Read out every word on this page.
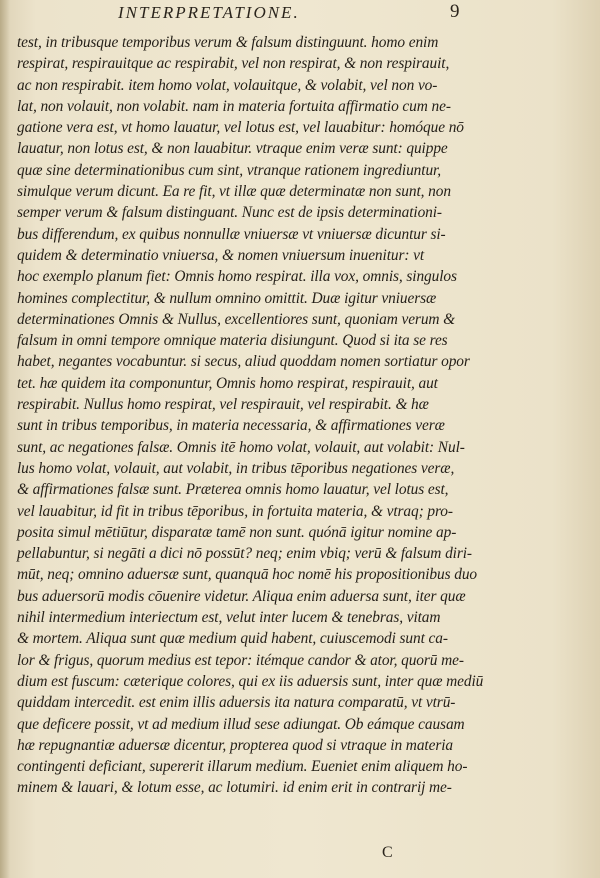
INTERPRETATIONE.	9
test, in tribusque temporibus verum & falsum distinguunt. homo enim
respirat, respirauitque ac respirabit, vel non respirat, & non respirauit,
ac non respirabit. item homo volat, volauitque, & volabit, vel non vo-
lat, non volauit, non volabit. nam in materia fortuita affirmatio cum ne-
gatione vera est, vt homo lauatur, vel lotus est, vel lauabitur: homóque nō
lauatur, non lotus est, & non lauabitur. vtraque enim veræ sunt: quippe
quæ sine determinationibus cum sint, vtranque rationem ingrediuntur,
simulque verum dicunt. Ea re fit, vt illæ quæ determinatæ non sunt, non
semper verum & falsum distinguant. Nunc est de ipsis determinationi-
bus differendum, ex quibus nonnullæ vniuersæ vt vniuersæ dicuntur si-
quidem & determinatio vniuersa, & nomen vniuersum inuenitur: vt
hoc exemplo planum fiet: Omnis homo respirat. illa vox, omnis, singulos
homines complectitur, & nullum omnino omittit. Duæ igitur vniuersæ
determinationes Omnis & Nullus, excellentiores sunt, quoniam verum &
falsum in omni tempore omnique materia disiungunt. Quod si ita se res
habet, negantes vocabuntur. si secus, aliud quoddam nomen sortiatur opor
tet. hæ quidem ita componuntur, Omnis homo respirat, respirauit, aut
respirabit. Nullus homo respirat, vel respirauit, vel respirabit. & hæ
sunt in tribus temporibus, in materia necessaria, & affirmationes veræ
sunt, ac negationes falsæ. Omnis itē homo volat, volauit, aut volabit: Nul-
lus homo volat, volauit, aut volabit, in tribus tēporibus negationes veræ,
& affirmationes falsæ sunt. Præterea omnis homo lauatur, vel lotus est,
vel lauabitur, id fit in tribus tēporibus, in fortuita materia, & vtraq; pro-
posita simul mētiūtur, disparatæ tamē non sunt. quónā igitur nomine ap-
pellabuntur, si negāti a dici nō possūt? neq; enim vbiq; verū & falsum diri-
mūt, neq; omnino aduersæ sunt, quanquā hoc nomē his propositionibus duo
bus aduersorū modis cōuenire videtur. Aliqua enim aduersa sunt, iter quæ
nihil intermedium interiectum est, velut inter lucem & tenebras, vitam
& mortem. Aliqua sunt quæ medium quid habent, cuiuscemodi sunt ca-
lor & frigus, quorum medius est tepor: itémque candor & ator, quorū me-
dium est fuscum: cæterique colores, qui ex iis aduersis sunt, inter quæ mediū
quiddam intercedit. est enim illis aduersis ita natura comparatū, vt vtrū-
que deficere possit, vt ad medium illud sese adiungat. Ob eámque causam
hæ repugnantiæ aduersæ dicentur, propterea quod si vtraque in materia
contingenti deficiant, supererit illarum medium. Eueniet enim aliquem ho-
minem & lauari, & lotum esse, ac lotumiri. id enim erit in contrarij me-
C
